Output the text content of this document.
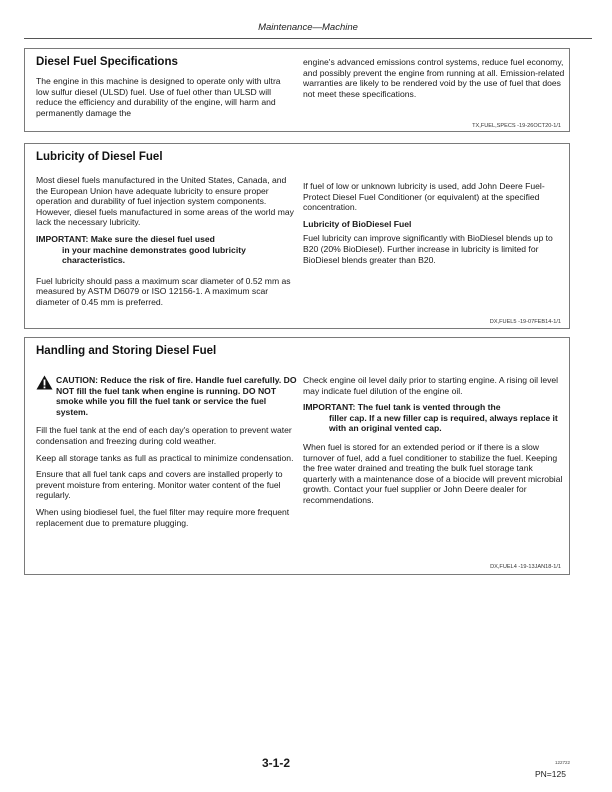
Maintenance—Machine
Diesel Fuel Specifications

The engine in this machine is designed to operate only with ultra low sulfur diesel (ULSD) fuel. Use of fuel other than ULSD will reduce the efficiency and durability of the engine, will harm and permanently damage the

engine's advanced emissions control systems, reduce fuel economy, and possibly prevent the engine from running at all. Emission-related warranties are likely to be rendered void by the use of fuel that does not meet these specifications.

TX,FUEL,SPECS -19-26OCT20-1/1
Lubricity of Diesel Fuel

Most diesel fuels manufactured in the United States, Canada, and the European Union have adequate lubricity to ensure proper operation and durability of fuel injection system components. However, diesel fuels manufactured in some areas of the world may lack the necessary lubricity.

IMPORTANT: Make sure the diesel fuel used
in your machine demonstrates good lubricity characteristics.

Fuel lubricity should pass a maximum scar diameter of 0.52 mm as measured by ASTM D6079 or ISO 12156-1. A maximum scar diameter of 0.45 mm is preferred.

If fuel of low or unknown lubricity is used, add John Deere Fuel-Protect Diesel Fuel Conditioner (or equivalent) at the specified concentration.

Lubricity of BioDiesel Fuel

Fuel lubricity can improve significantly with BioDiesel blends up to B20 (20% BioDiesel). Further increase in lubricity is limited for BioDiesel blends greater than B20.

DX,FUEL5 -19-07FEB14-1/1
Handling and Storing Diesel Fuel
CAUTION: Reduce the risk of fire. Handle fuel carefully. DO NOT fill the fuel tank when engine is running. DO NOT smoke while you fill the fuel tank or service the fuel system.

Fill the fuel tank at the end of each day's operation to prevent water condensation and freezing during cold weather.

Keep all storage tanks as full as practical to minimize condensation.

Ensure that all fuel tank caps and covers are installed properly to prevent moisture from entering. Monitor water content of the fuel regularly.

When using biodiesel fuel, the fuel filter may require more frequent replacement due to premature plugging.

Check engine oil level daily prior to starting engine. A rising oil level may indicate fuel dilution of the engine oil.

IMPORTANT: The fuel tank is vented through the
filler cap. If a new filler cap is required, always replace it with an original vented cap.

When fuel is stored for an extended period or if there is a slow turnover of fuel, add a fuel conditioner to stabilize the fuel. Keeping the free water drained and treating the bulk fuel storage tank quarterly with a maintenance dose of a biocide will prevent microbial growth. Contact your fuel supplier or John Deere dealer for recommendations.

DX,FUEL4 -19-13JAN18-1/1
3-1-2	122722
PN=125
